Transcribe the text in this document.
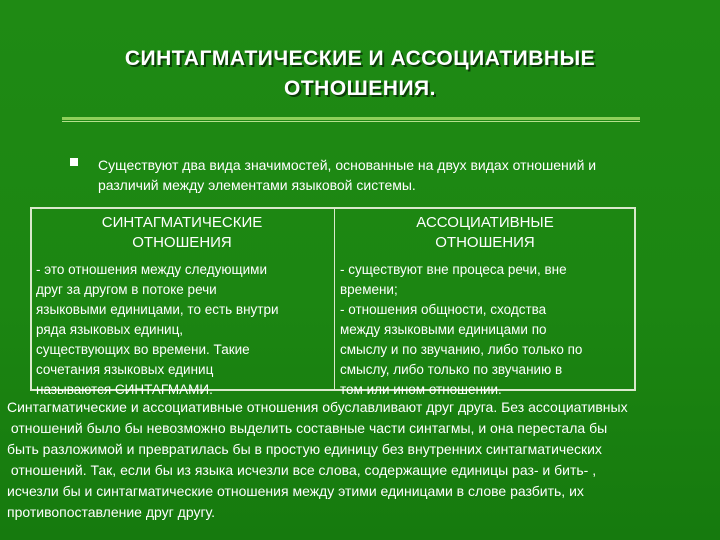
СИНТАГМАТИЧЕСКИЕ И АССОЦИАТИВНЫЕ
ОТНОШЕНИЯ.
Существуют два вида значимостей, основанные на двух видах отношений и
различий между элементами языковой системы.
СИНТАГМАТИЧЕСКИЕ
ОТНОШЕНИЯ
АССОЦИАТИВНЫЕ
ОТНОШЕНИЯ
- это отношения между следующими
друг за другом в потоке речи
языковыми единицами, то есть внутри
ряда языковых единиц,
существующих во времени. Такие
сочетания языковых единиц
называются СИНТАГМАМИ.
- существуют вне процеса речи, вне
времени;
- отношения общности, сходства
между языковыми единицами по
смыслу и по звучанию, либо только по
смыслу, либо только по звучанию в
том или ином отношении.
Синтагматические и ассоциативные отношения обуславливают друг друга. Без ассоциативных
отношений было бы невозможно выделить составные части синтагмы, и она перестала бы
быть разложимой и превратилась бы в простую единицу без внутренних синтагматических
отношений. Так, если бы из языка исчезли все слова, содержащие единицы раз- и бить- ,
исчезли бы и синтагматические отношения между этими единицами в слове разбить, их
противопоставление друг другу.
